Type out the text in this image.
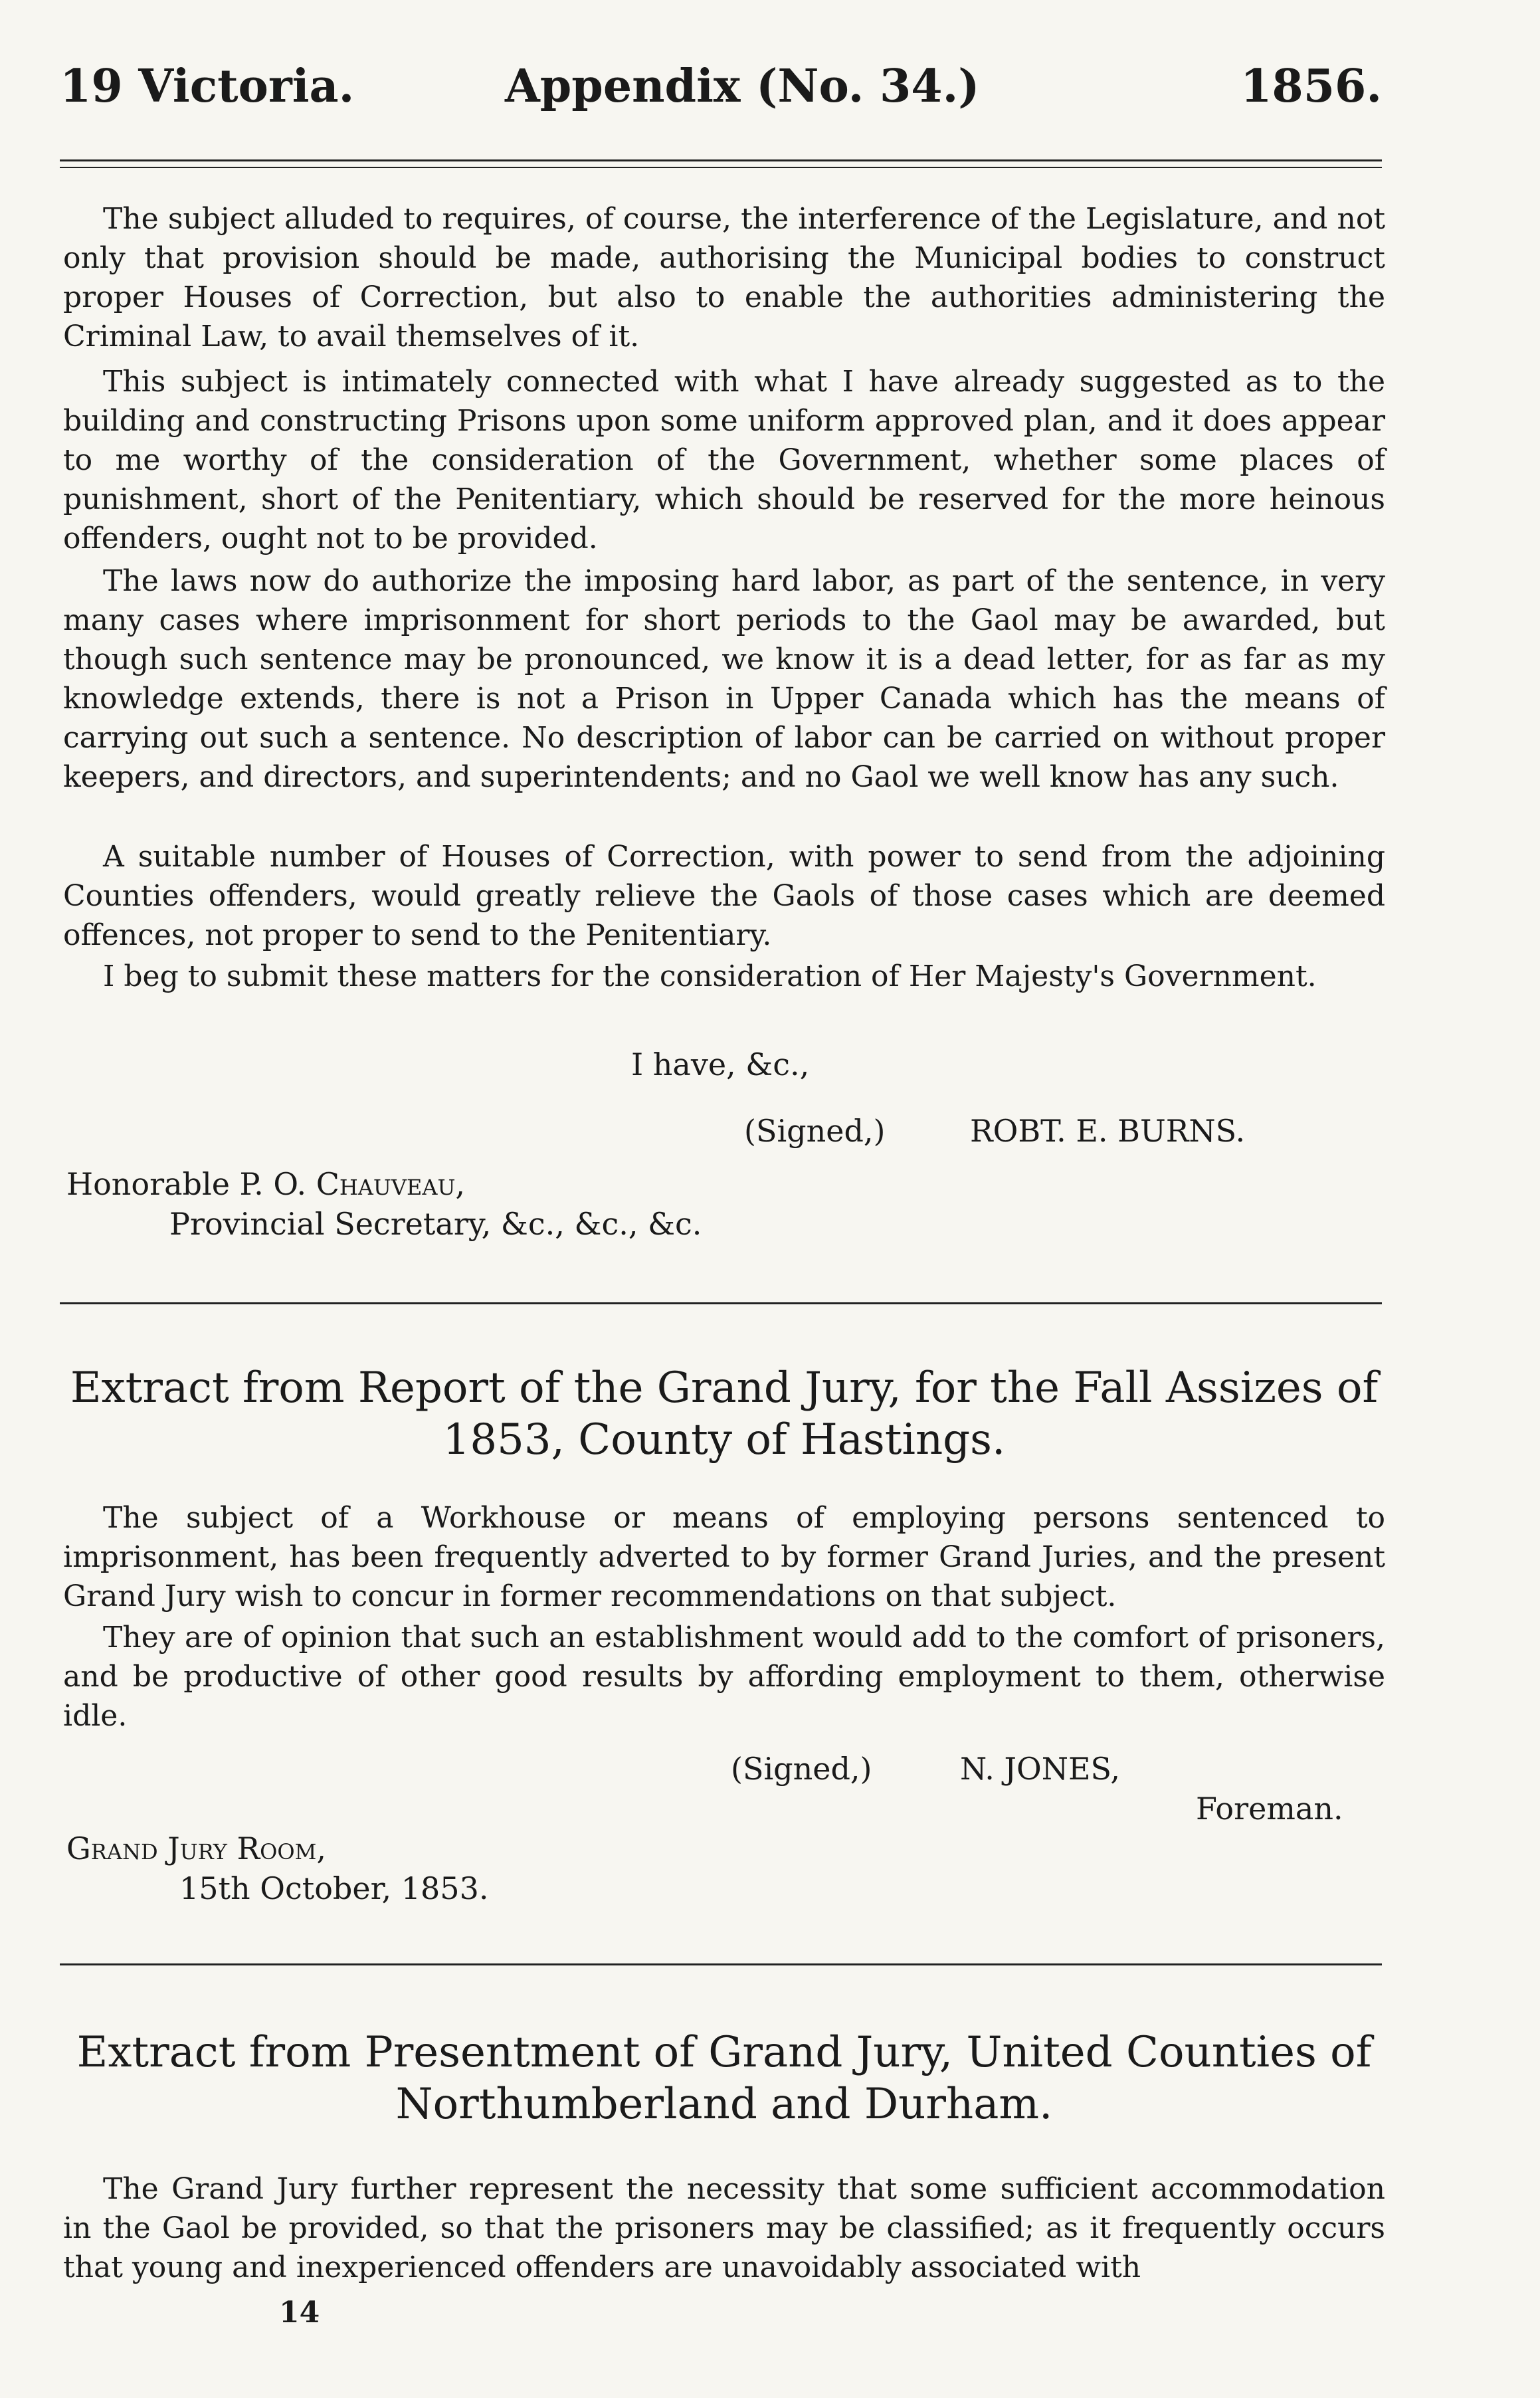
19 Victoria.	Appendix (No. 34.)	1856.

The subject alluded to requires, of course, the interference of the Legislature, and not only that provision should be made, authorising the Municipal bodies to construct proper Houses of Correction, but also to enable the authorities administering the Criminal Law, to avail themselves of it.

This subject is intimately connected with what I have already suggested as to the building and constructing Prisons upon some uniform approved plan, and it does appear to me worthy of the consideration of the Government, whether some places of punishment, short of the Penitentiary, which should be reserved for the more heinous offenders, ought not to be provided.

The laws now do authorize the imposing hard labor, as part of the sentence, in very many cases where imprisonment for short periods to the Gaol may be awarded, but though such sentence may be pronounced, we know it is a dead letter, for as far as my knowledge extends, there is not a Prison in Upper Canada which has the means of carrying out such a sentence. No description of labor can be carried on without proper keepers, and directors, and superintendents; and no Gaol we well know has any such.

A suitable number of Houses of Correction, with power to send from the adjoining Counties offenders, would greatly relieve the Gaols of those cases which are deemed offences, not proper to send to the Penitentiary.

I beg to submit these matters for the consideration of Her Majesty's Government.

I have, &c.,
(Signed,)	ROBT. E. BURNS.
Honorable P. O. Chauveau,
Provincial Secretary, &c., &c., &c.
Extract from Report of the Grand Jury, for the Fall Assizes of 1853, County of Hastings.

The subject of a Workhouse or means of employing persons sentenced to imprisonment, has been frequently adverted to by former Grand Juries, and the present Grand Jury wish to concur in former recommendations on that subject.

They are of opinion that such an establishment would add to the comfort of prisoners, and be productive of other good results by affording employment to them, otherwise idle.

(Signed,)	N. JONES,
Foreman.
Grand Jury Room,
15th October, 1853.
Extract from Presentment of Grand Jury, United Counties of Northumberland and Durham.

The Grand Jury further represent the necessity that some sufficient accommodation in the Gaol be provided, so that the prisoners may be classified; as it frequently occurs that young and inexperienced offenders are unavoidably associated with

14
